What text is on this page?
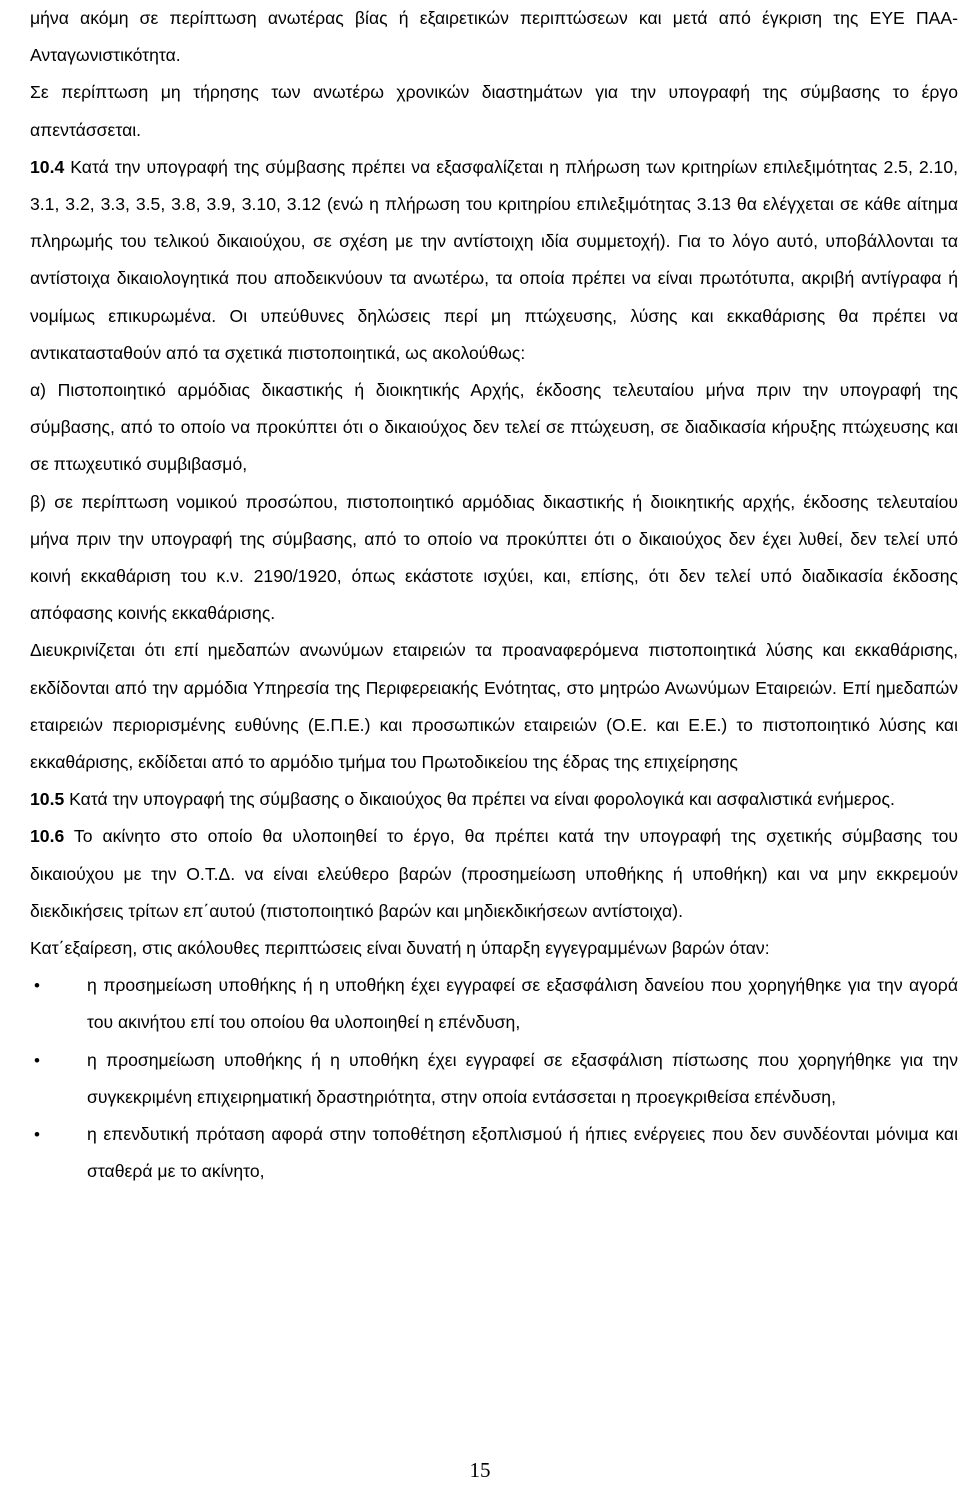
μήνα ακόμη σε περίπτωση ανωτέρας βίας ή εξαιρετικών περιπτώσεων και μετά από έγκριση της ΕΥΕ ΠΑΑ-Ανταγωνιστικότητα.

Σε περίπτωση μη τήρησης των ανωτέρω χρονικών διαστημάτων για την υπογραφή της σύμβασης το έργο απεντάσσεται.

10.4 Κατά την υπογραφή της σύμβασης πρέπει να εξασφαλίζεται η πλήρωση των κριτηρίων επιλεξιμότητας 2.5, 2.10, 3.1, 3.2, 3.3, 3.5, 3.8, 3.9, 3.10, 3.12 (ενώ η πλήρωση του κριτηρίου επιλεξιμότητας 3.13 θα ελέγχεται σε κάθε αίτημα πληρωμής του τελικού δικαιούχου, σε σχέση με την αντίστοιχη ιδία συμμετοχή). Για το λόγο αυτό, υποβάλλονται τα αντίστοιχα δικαιολογητικά που αποδεικνύουν τα ανωτέρω, τα οποία πρέπει να είναι πρωτότυπα, ακριβή αντίγραφα ή νομίμως επικυρωμένα. Οι υπεύθυνες δηλώσεις περί μη πτώχευσης, λύσης και εκκαθάρισης θα πρέπει να αντικατασταθούν από τα σχετικά πιστοποιητικά, ως ακολούθως:

α) Πιστοποιητικό αρμόδιας δικαστικής ή διοικητικής Αρχής, έκδοσης τελευταίου μήνα πριν την υπογραφή της σύμβασης, από το οποίο να προκύπτει ότι ο δικαιούχος δεν τελεί σε πτώχευση, σε διαδικασία κήρυξης πτώχευσης και σε πτωχευτικό συμβιβασμό,

β) σε περίπτωση νομικού προσώπου, πιστοποιητικό αρμόδιας δικαστικής ή διοικητικής αρχής, έκδοσης τελευταίου μήνα πριν την υπογραφή της σύμβασης, από το οποίο να προκύπτει ότι ο δικαιούχος δεν έχει λυθεί, δεν τελεί υπό κοινή εκκαθάριση του κ.ν. 2190/1920, όπως εκάστοτε ισχύει, και, επίσης, ότι δεν τελεί υπό διαδικασία έκδοσης απόφασης κοινής εκκαθάρισης.

Διευκρινίζεται ότι επί ημεδαπών ανωνύμων εταιρειών τα προαναφερόμενα πιστοποιητικά λύσης και εκκαθάρισης, εκδίδονται από την αρμόδια Υπηρεσία της Περιφερειακής Ενότητας, στο μητρώο Ανωνύμων Εταιρειών. Επί ημεδαπών εταιρειών περιορισμένης ευθύνης (Ε.Π.Ε.) και προσωπικών εταιρειών (Ο.Ε. και Ε.Ε.) το πιστοποιητικό λύσης και εκκαθάρισης, εκδίδεται από το αρμόδιο τμήμα του Πρωτοδικείου της έδρας της επιχείρησης

10.5 Κατά την υπογραφή της σύμβασης ο δικαιούχος θα πρέπει να είναι φορολογικά και ασφαλιστικά ενήμερος.

10.6 Το ακίνητο στο οποίο θα υλοποιηθεί το έργο, θα πρέπει κατά την υπογραφή της σχετικής σύμβασης του δικαιούχου με την Ο.Τ.Δ. να είναι ελεύθερο βαρών (προσημείωση υποθήκης ή υποθήκη) και να μην εκκρεμούν διεκδικήσεις τρίτων επ΄αυτού (πιστοποιητικό βαρών και μηδιεκδικήσεων αντίστοιχα).

Κατ΄εξαίρεση, στις ακόλουθες περιπτώσεις είναι δυνατή η ύπαρξη εγγεγραμμένων βαρών όταν:

•	η προσημείωση υποθήκης ή η υποθήκη έχει εγγραφεί σε εξασφάλιση δανείου που χορηγήθηκε για την αγορά του ακινήτου επί του οποίου θα υλοποιηθεί η επένδυση,
•	η προσημείωση υποθήκης ή η υποθήκη έχει εγγραφεί σε εξασφάλιση πίστωσης που χορηγήθηκε για την συγκεκριμένη επιχειρηματική δραστηριότητα, στην οποία εντάσσεται η προεγκριθείσα επένδυση,
•	η επενδυτική πρόταση αφορά στην τοποθέτηση εξοπλισμού ή ήπιες ενέργειες που δεν συνδέονται μόνιμα και σταθερά με το ακίνητο,
15
